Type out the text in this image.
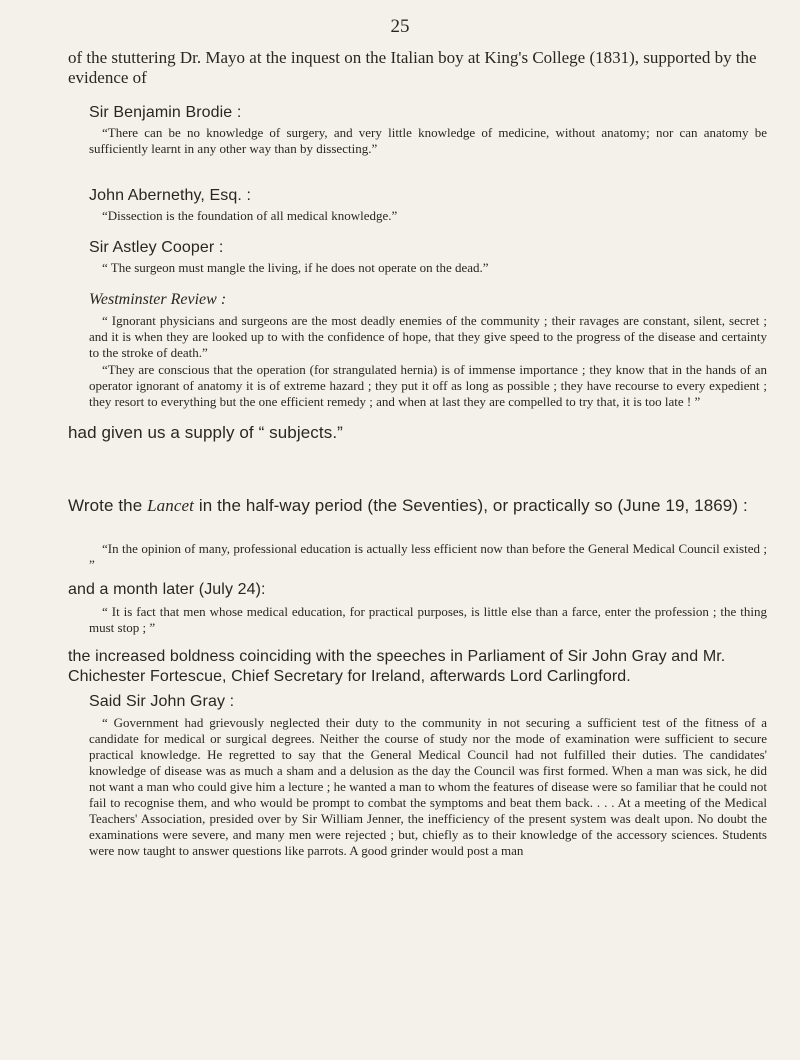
25
of the stuttering Dr. Mayo at the inquest on the Italian boy at King's College (1831), supported by the evidence of
Sir Benjamin Brodie :
“There can be no knowledge of surgery, and very little knowledge of medicine, without anatomy; nor can anatomy be sufficiently learnt in any other way than by dissecting.”
John Abernethy, Esq. :
“Dissection is the foundation of all medical knowledge.”
Sir Astley Cooper :
“ The surgeon must mangle the living, if he does not operate on the dead.”
Westminster Review :
“ Ignorant physicians and surgeons are the most deadly enemies of the community ; their ravages are constant, silent, secret ; and it is when they are looked up to with the confidence of hope, that they give speed to the progress of the disease and certainty to the stroke of death.”
“They are conscious that the operation (for strangulated hernia) is of immense importance ; they know that in the hands of an operator ignorant of anatomy it is of extreme hazard ; they put it off as long as possible ; they have recourse to every expedient ; they resort to everything but the one efficient remedy ; and when at last they are compelled to try that, it is too late ! ”
had given us a supply of “ subjects.”
Wrote the Lancet in the half-way period (the Seventies), or practically so (June 19, 1869) :
“In the opinion of many, professional education is actually less efficient now than before the General Medical Council existed ; ”
and a month later (July 24):
“ It is fact that men whose medical education, for practical purposes, is little else than a farce, enter the profession ; the thing must stop ; ”
the increased boldness coinciding with the speeches in Parliament of Sir John Gray and Mr. Chichester Fortescue, Chief Secretary for Ireland, afterwards Lord Carlingford.
Said Sir John Gray :
“ Government had grievously neglected their duty to the community in not securing a sufficient test of the fitness of a candidate for medical or surgical degrees. Neither the course of study nor the mode of examination were sufficient to secure practical knowledge. He regretted to say that the General Medical Council had not fulfilled their duties. The candidates' knowledge of disease was as much a sham and a delusion as the day the Council was first formed. When a man was sick, he did not want a man who could give him a lecture ; he wanted a man to whom the features of disease were so familiar that he could not fail to recognise them, and who would be prompt to combat the symptoms and beat them back. . . . At a meeting of the Medical Teachers' Association, presided over by Sir William Jenner, the inefficiency of the present system was dealt upon. No doubt the examinations were severe, and many men were rejected ; but, chiefly as to their knowledge of the accessory sciences. Students were now taught to answer questions like parrots. A good grinder would post a man
